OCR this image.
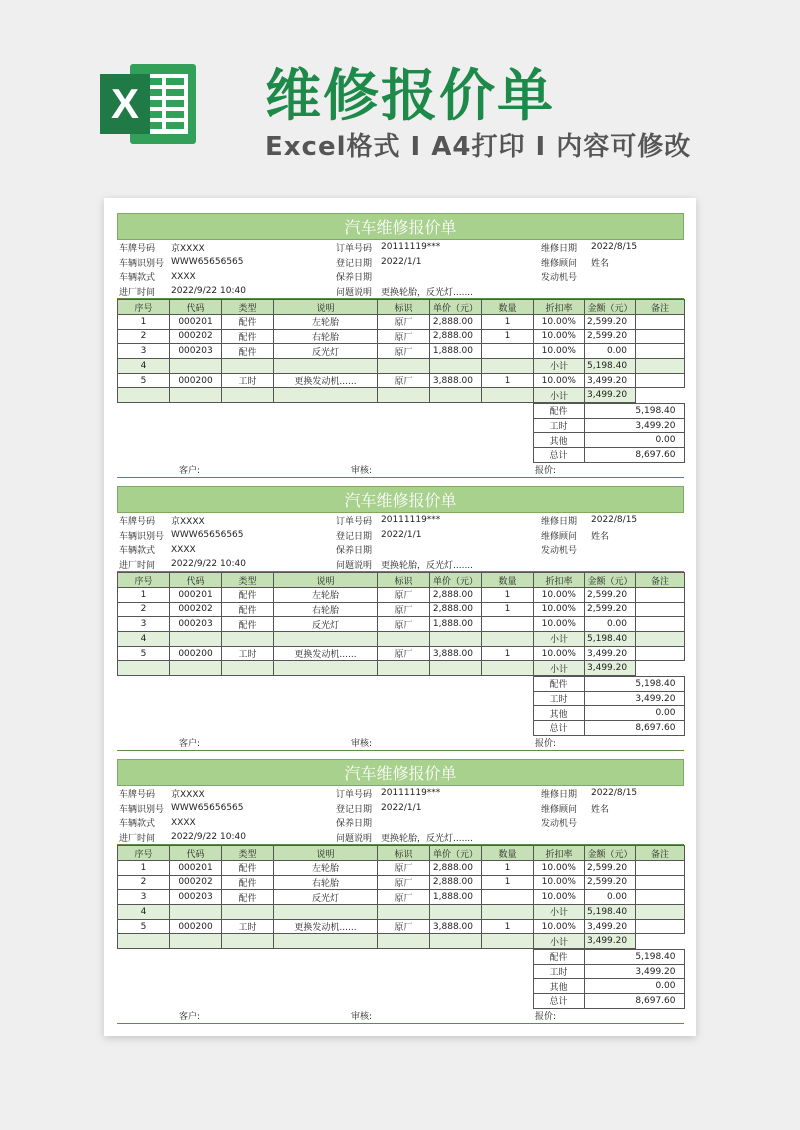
X 维修报价单
Excel格式 I A4打印 I 内容可修改
汽车维修报价单
车牌号码	京XXXX	订单号码	20111119***	维修日期	2022/8/15
车辆识别号	WWW65656565	登记日期	2022/1/1	维修顾问	姓名
车辆款式	XXXX	保养日期		发动机号	
进厂时间	2022/9/22 10:40	问题说明	更换轮胎，反光灯.......		
序号	代码	类型	说明	标识	单价（元）	数量	折扣率	金额（元）	备注
1	000201	配件	左轮胎	原厂	2,888.00	1	10.00%	2,599.20	
2	000202	配件	右轮胎	原厂	2,888.00	1	10.00%	2,599.20	
3	000203	配件	反光灯	原厂	1,888.00		10.00%	0.00	
4							小计	5,198.40	
5	000200	工时	更换发动机......	原厂	3,888.00	1	10.00%	3,499.20	
							小计	3,499.20	
	配件	5,198.40
	工时	3,499.20
	其他	0.00
	总计	8,697.60
	客户:	审核:	报价:
汽车维修报价单
车牌号码	京XXXX	订单号码	20111119***	维修日期	2022/8/15
车辆识别号	WWW65656565	登记日期	2022/1/1	维修顾问	姓名
车辆款式	XXXX	保养日期		发动机号	
进厂时间	2022/9/22 10:40	问题说明	更换轮胎，反光灯.......		
序号	代码	类型	说明	标识	单价（元）	数量	折扣率	金额（元）	备注
1	000201	配件	左轮胎	原厂	2,888.00	1	10.00%	2,599.20	
2	000202	配件	右轮胎	原厂	2,888.00	1	10.00%	2,599.20	
3	000203	配件	反光灯	原厂	1,888.00		10.00%	0.00	
4							小计	5,198.40	
5	000200	工时	更换发动机......	原厂	3,888.00	1	10.00%	3,499.20	
							小计	3,499.20	
	配件	5,198.40
	工时	3,499.20
	其他	0.00
	总计	8,697.60
	客户:	审核:	报价:
汽车维修报价单
车牌号码	京XXXX	订单号码	20111119***	维修日期	2022/8/15
车辆识别号	WWW65656565	登记日期	2022/1/1	维修顾问	姓名
车辆款式	XXXX	保养日期		发动机号	
进厂时间	2022/9/22 10:40	问题说明	更换轮胎，反光灯.......		
序号	代码	类型	说明	标识	单价（元）	数量	折扣率	金额（元）	备注
1	000201	配件	左轮胎	原厂	2,888.00	1	10.00%	2,599.20	
2	000202	配件	右轮胎	原厂	2,888.00	1	10.00%	2,599.20	
3	000203	配件	反光灯	原厂	1,888.00		10.00%	0.00	
4							小计	5,198.40	
5	000200	工时	更换发动机......	原厂	3,888.00	1	10.00%	3,499.20	
							小计	3,499.20	
	配件	5,198.40
	工时	3,499.20
	其他	0.00
	总计	8,697.60
	客户:	审核:	报价:
